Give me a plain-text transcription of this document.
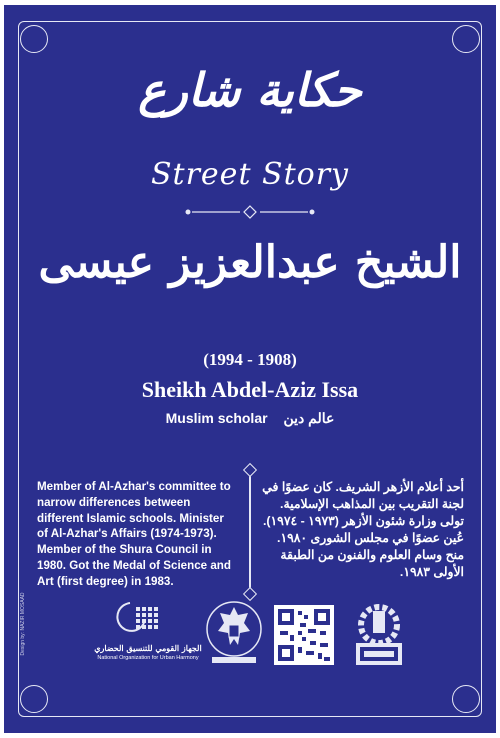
حكاية شارع
Street Story
الشيخ عبدالعزيز عيسى
(1994 - 1908)
Sheikh Abdel-Aziz Issa
Muslim scholar عالم دين
Member of Al-Azhar's committee to narrow differences between different Islamic schools. Minister of Al-Azhar's Affairs (1974-1973). Member of the Shura Council in 1980. Got the Medal of Science and Art (first degree) in 1983.
أحد أعلام الأزهر الشريف. كان عضوًا في لجنة التقريب بين المذاهب الإسلامية. تولى وزارة شئون الأزهر (١٩٧٣ - ١٩٧٤). عُين عضوًا في مجلس الشورى ١٩٨٠. منح وسام العلوم والفنون من الطبقة الأولى ١٩٨٣.
Design by: NAZIR MOSAAD	الجهاز القومي للتنسيق الحضاري
National Organization for Urban Harmony
